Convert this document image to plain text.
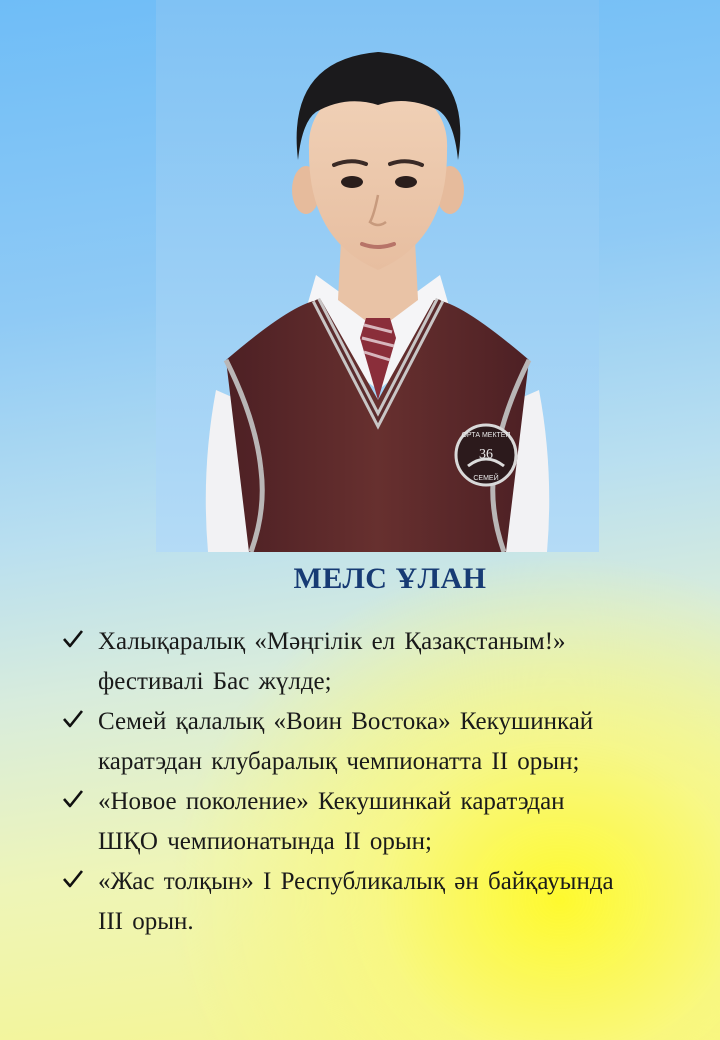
36
ОРТА МЕКТЕП
СЕМЕЙ
МЕЛС ҰЛАН
Халықаралық «Мәңгілік ел Қазақстаным!»
фестивалі Бас жүлде;
Семей қалалық «Воин Востока» Кекушинкай
каратэдан клубаралық чемпионатта ІІ орын;
«Новое поколение» Кекушинкай каратэдан
ШҚО чемпионатында ІІ орын;
«Жас толқын» І Республикалық ән байқауында
ІІІ орын.
